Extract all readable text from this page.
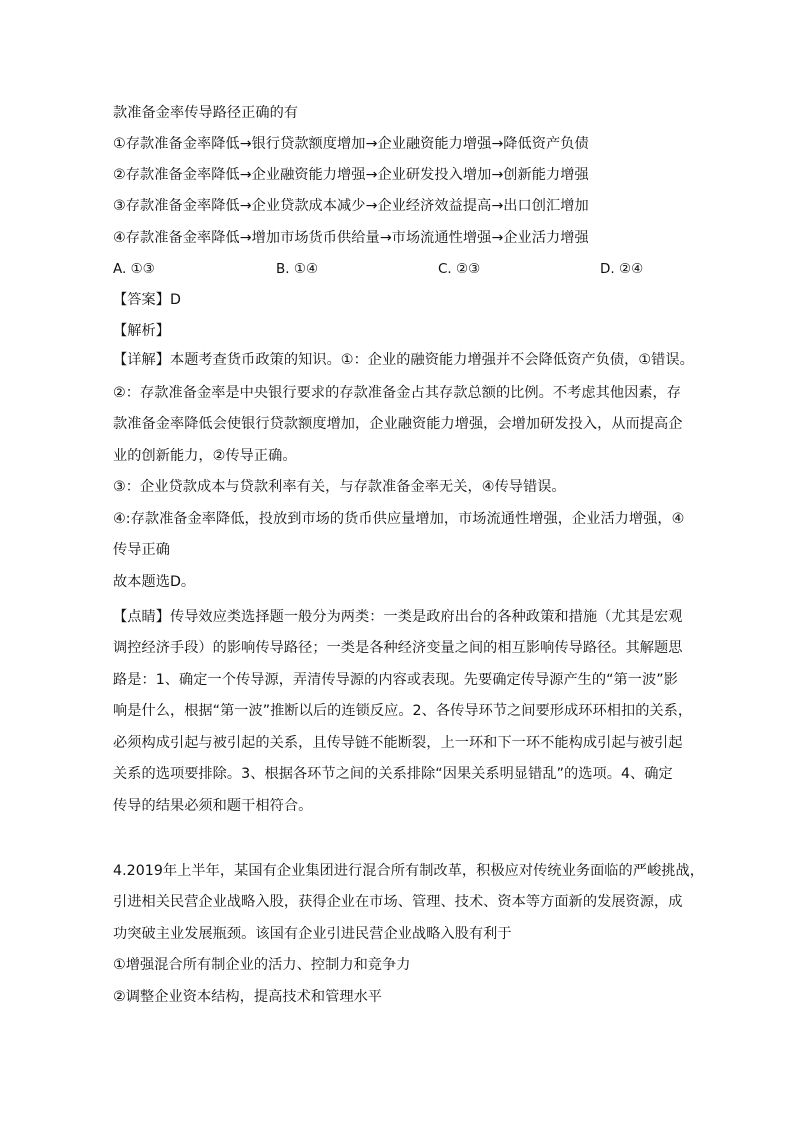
款准备金率传导路径正确的有
①存款准备金率降低→银行贷款额度增加→企业融资能力增强→降低资产负债
②存款准备金率降低→企业融资能力增强→企业研发投入增加→创新能力增强
③存款准备金率降低→企业贷款成本减少→企业经济效益提高→出口创汇增加
④存款准备金率降低→增加市场货币供给量→市场流通性增强→企业活力增强
A. ①③	B. ①④	C. ②③	D. ②④
【答案】D
【解析】
【详解】本题考查货币政策的知识。①：企业的融资能力增强并不会降低资产负债，①错误。
②：存款准备金率是中央银行要求的存款准备金占其存款总额的比例。不考虑其他因素，存
款准备金率降低会使银行贷款额度增加，企业融资能力增强，会增加研发投入，从而提高企
业的创新能力，②传导正确。
③：企业贷款成本与贷款利率有关，与存款准备金率无关，④传导错误。
④:存款准备金率降低，投放到市场的货币供应量增加，市场流通性增强，企业活力增强，④
传导正确
故本题选D。
【点睛】传导效应类选择题一般分为两类：一类是政府出台的各种政策和措施（尤其是宏观
调控经济手段）的影响传导路径；一类是各种经济变量之间的相互影响传导路径。其解题思
路是：1、确定一个传导源，弄清传导源的内容或表现。先要确定传导源产生的“第一波”影
响是什么，根据“第一波”推断以后的连锁反应。2、各传导环节之间要形成环环相扣的关系，
必须构成引起与被引起的关系，且传导链不能断裂，上一环和下一环不能构成引起与被引起
关系的选项要排除。3、根据各环节之间的关系排除“因果关系明显错乱”的选项。4、确定
传导的结果必须和题干相符合。
4.2019年上半年，某国有企业集团进行混合所有制改革，积极应对传统业务面临的严峻挑战，
引进相关民营企业战略入股，获得企业在市场、管理、技术、资本等方面新的发展资源，成
功突破主业发展瓶颈。该国有企业引进民营企业战略入股有利于
①增强混合所有制企业的活力、控制力和竞争力
②调整企业资本结构，提高技术和管理水平
